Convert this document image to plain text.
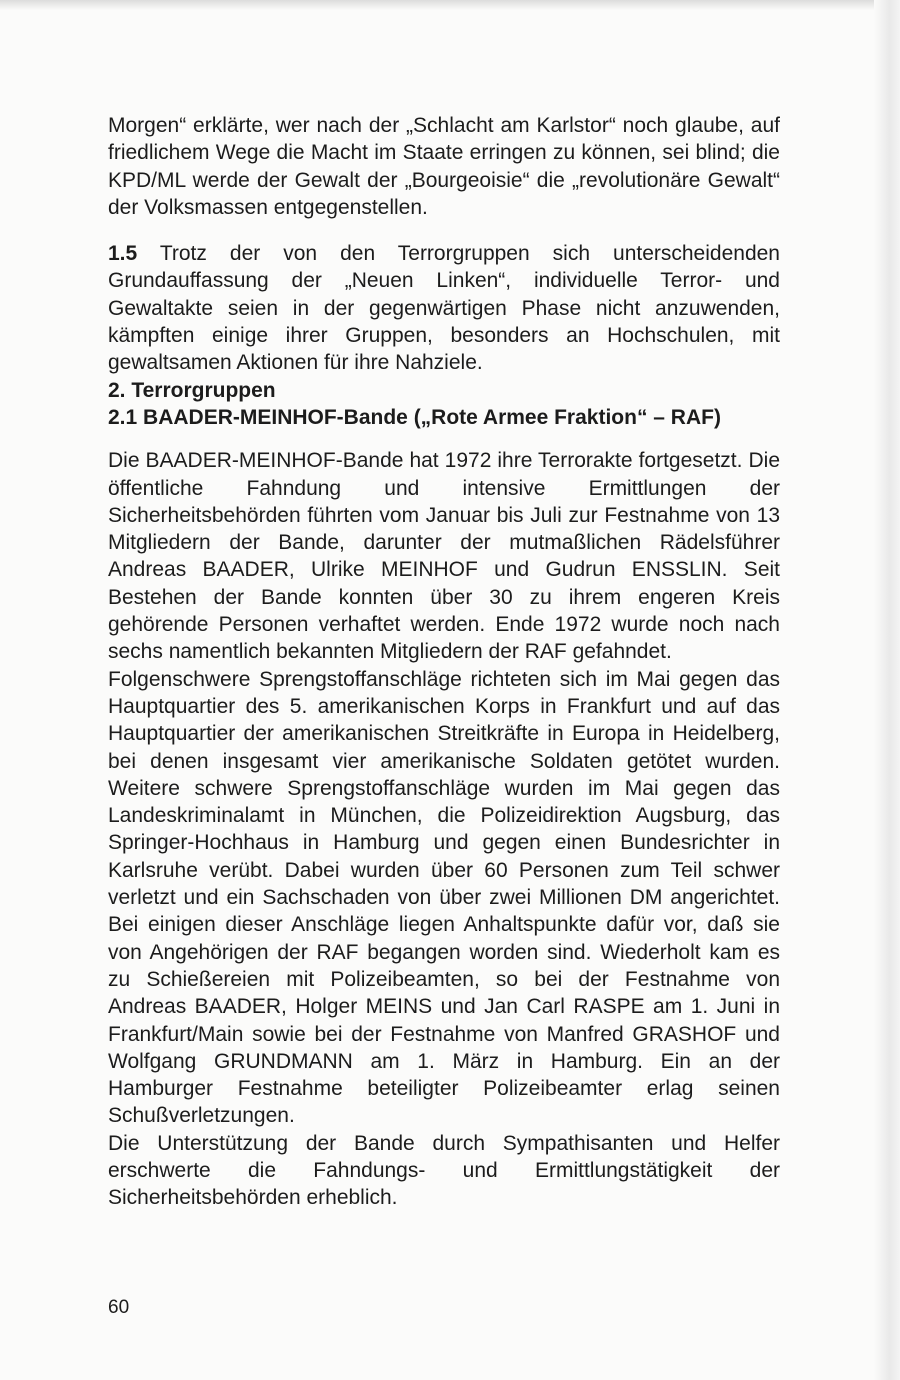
Morgen“ erklärte, wer nach der „Schlacht am Karlstor“ noch glaube, auf friedlichem Wege die Macht im Staate erringen zu können, sei blind; die KPD/ML werde der Gewalt der „Bourgeoisie“ die „revolutionäre Gewalt“ der Volksmassen entgegenstellen.

1.5 Trotz der von den Terrorgruppen sich unterscheidenden Grundauffassung der „Neuen Linken“, individuelle Terror- und Gewaltakte seien in der gegenwärtigen Phase nicht anzuwenden, kämpften einige ihrer Gruppen, besonders an Hochschulen, mit gewaltsamen Aktionen für ihre Nahziele.

2. Terrorgruppen

2.1 BAADER-MEINHOF-Bande („Rote Armee Fraktion“ – RAF)

Die BAADER-MEINHOF-Bande hat 1972 ihre Terrorakte fortgesetzt. Die öffentliche Fahndung und intensive Ermittlungen der Sicherheitsbehörden führten vom Januar bis Juli zur Festnahme von 13 Mitgliedern der Bande, darunter der mutmaßlichen Rädelsführer Andreas BAADER, Ulrike MEINHOF und Gudrun ENSSLIN. Seit Bestehen der Bande konnten über 30 zu ihrem engeren Kreis gehörende Personen verhaftet werden. Ende 1972 wurde noch nach sechs namentlich bekannten Mitgliedern der RAF gefahndet.

Folgenschwere Sprengstoffanschläge richteten sich im Mai gegen das Hauptquartier des 5. amerikanischen Korps in Frankfurt und auf das Hauptquartier der amerikanischen Streitkräfte in Europa in Heidelberg, bei denen insgesamt vier amerikanische Soldaten getötet wurden. Weitere schwere Sprengstoffanschläge wurden im Mai gegen das Landeskriminalamt in München, die Polizeidirektion Augsburg, das Springer-Hochhaus in Hamburg und gegen einen Bundesrichter in Karlsruhe verübt. Dabei wurden über 60 Personen zum Teil schwer verletzt und ein Sachschaden von über zwei Millionen DM angerichtet. Bei einigen dieser Anschläge liegen Anhaltspunkte dafür vor, daß sie von Angehörigen der RAF begangen worden sind. Wiederholt kam es zu Schießereien mit Polizeibeamten, so bei der Festnahme von Andreas BAADER, Holger MEINS und Jan Carl RASPE am 1. Juni in Frankfurt/Main sowie bei der Festnahme von Manfred GRASHOF und Wolfgang GRUNDMANN am 1. März in Hamburg. Ein an der Hamburger Festnahme beteiligter Polizeibeamter erlag seinen Schußverletzungen.

Die Unterstützung der Bande durch Sympathisanten und Helfer erschwerte die Fahndungs- und Ermittlungstätigkeit der Sicherheitsbehörden erheblich.

60
